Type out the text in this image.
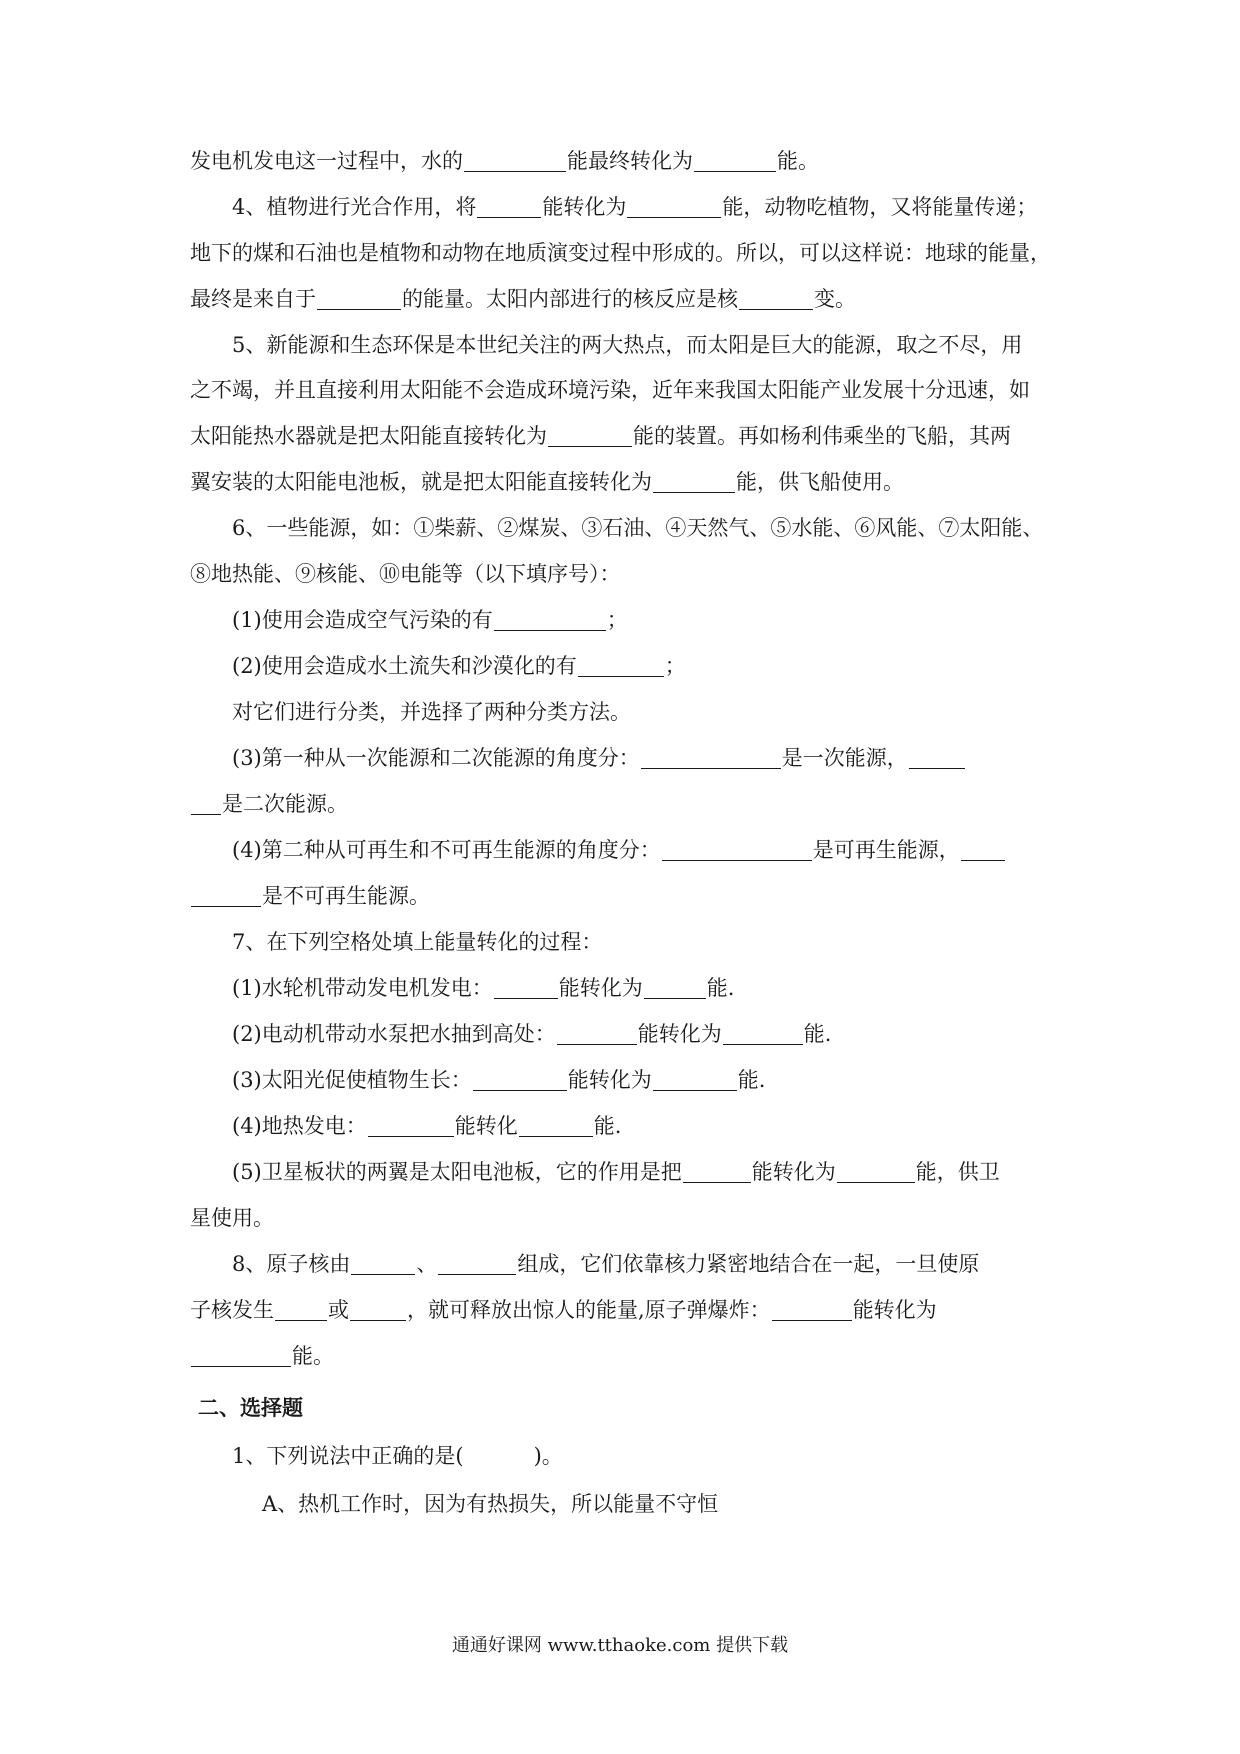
发电机发电这一过程中，水的	能最终转化为	能。
4、植物进行光合作用，将	能转化为	能，动物吃植物，又将能量传递；
地下的煤和石油也是植物和动物在地质演变过程中形成的。所以，可以这样说：地球的能量，
最终是来自于	的能量。太阳内部进行的核反应是核	变。
5、新能源和生态环保是本世纪关注的两大热点，而太阳是巨大的能源，取之不尽，用
之不竭，并且直接利用太阳能不会造成环境污染，近年来我国太阳能产业发展十分迅速，如
太阳能热水器就是把太阳能直接转化为	能的装置。再如杨利伟乘坐的飞船，其两
翼安装的太阳能电池板，就是把太阳能直接转化为	能，供飞船使用。
6、一些能源，如：①柴薪、②煤炭、③石油、④天然气、⑤水能、⑥风能、⑦太阳能、
⑧地热能、⑨核能、⑩电能等（以下填序号）：
(1)使用会造成空气污染的有	；
(2)使用会造成水土流失和沙漠化的有	；
对它们进行分类，并选择了两种分类方法。
(3)第一种从一次能源和二次能源的角度分：	是一次能源，
是二次能源。
(4)第二种从可再生和不可再生能源的角度分：	是可再生能源，
是不可再生能源。
7、在下列空格处填上能量转化的过程：
(1)水轮机带动发电机发电：	能转化为	能.
(2)电动机带动水泵把水抽到高处：	能转化为	能.
(3)太阳光促使植物生长：	能转化为	能.
(4)地热发电：	能转化	能.
(5)卫星板状的两翼是太阳电池板，它的作用是把	能转化为	能，供卫
星使用。
8、原子核由	、	组成，它们依靠核力紧密地结合在一起，一旦使原
子核发生	或	，就可释放出惊人的能量,原子弹爆炸：	能转化为
能。
二、选择题
1、下列说法中正确的是(	)。
A、热机工作时，因为有热损失，所以能量不守恒
通通好课网 www.tthaoke.com 提供下载
